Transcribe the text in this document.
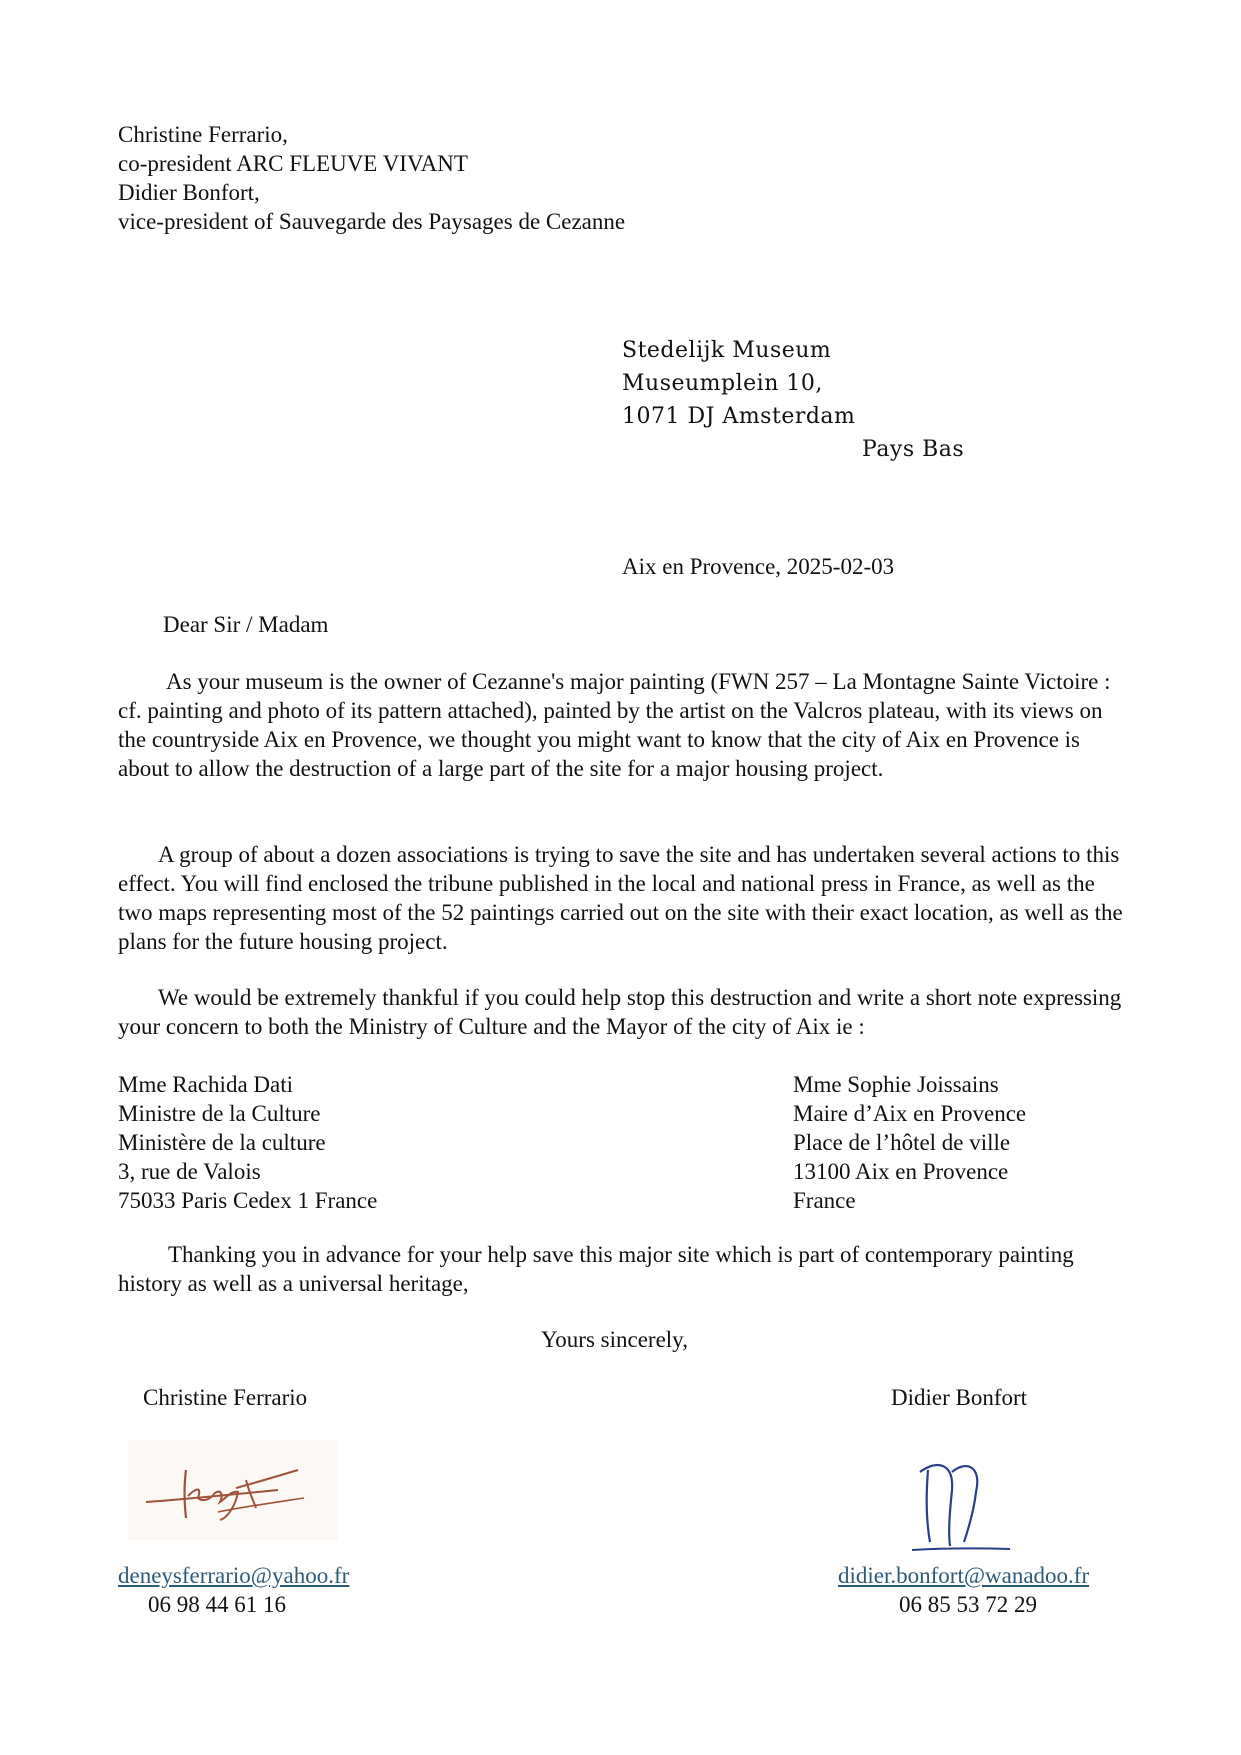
Christine Ferrario,
co-president ARC FLEUVE VIVANT
Didier Bonfort,
vice-president of Sauvegarde des Paysages de Cezanne
Stedelijk Museum
Museumplein 10,
1071 DJ Amsterdam
Pays Bas
Aix en Provence, 2025-02-03
Dear Sir / Madam

As your museum is the owner of Cezanne's major painting (FWN 257 – La Montagne Sainte Victoire : cf. painting and photo of its pattern attached), painted by the artist on the Valcros plateau, with its views on the countryside Aix en Provence, we thought you might want to know that the city of Aix en Provence is about to allow the destruction of a large part of the site for a major housing project.

A group of about a dozen associations is trying to save the site and has undertaken several actions to this effect. You will find enclosed the tribune published in the local and national press in France, as well as the two maps representing most of the 52 paintings carried out on the site with their exact location, as well as the plans for the future housing project.

We would be extremely thankful if you could help stop this destruction and write a short note expressing your concern to both the Ministry of Culture and the Mayor of the city of Aix ie :

Mme Rachida Dati
Ministre de la Culture
Ministère de la culture
3, rue de Valois
75033 Paris Cedex 1 France
Mme Sophie Joissains
Maire d’Aix en Provence
Place de l’hôtel de ville
13100 Aix en Provence
France

Thanking you in advance for your help save this major site which is part of contemporary painting history as well as a universal heritage,

Yours sincerely,
Christine Ferrario	Didier Bonfort
deneysferrario@yahoo.fr	didier.bonfort@wanadoo.fr
06 98 44 61 16	06 85 53 72 29
